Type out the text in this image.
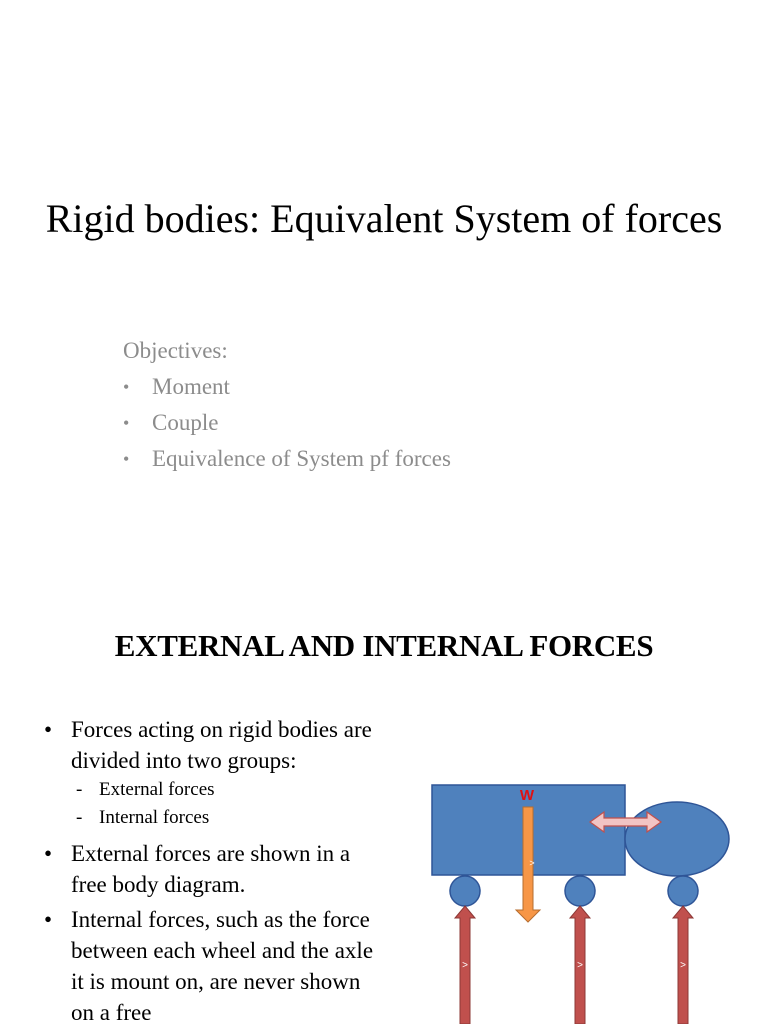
Rigid bodies: Equivalent System of forces
Objectives:
• Moment
• Couple
• Equivalence of System pf forces
EXTERNAL AND INTERNAL FORCES
• Forces acting on rigid bodies are divided into two groups:
- External forces
- Internal forces
• External forces are shown in a free body diagram.
• Internal forces, such as the force between each wheel and the axle it is mount on, are never shown on a free
>	>	>
>
W
